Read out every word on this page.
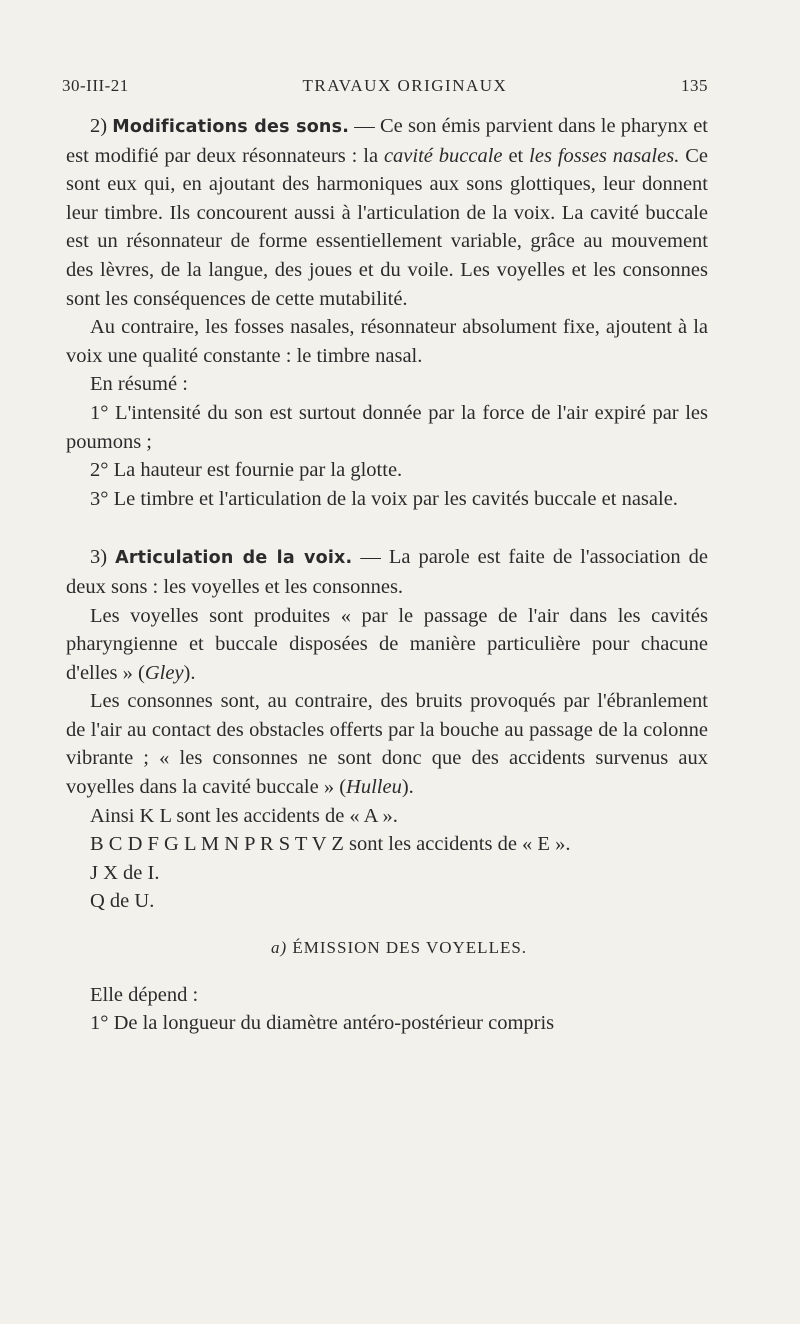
30-III-21	TRAVAUX ORIGINAUX	135

2) Modifications des sons. — Ce son émis parvient dans le pharynx et est modifié par deux résonnateurs : la cavité buccale et les fosses nasales. Ce sont eux qui, en ajoutant des harmoniques aux sons glottiques, leur donnent leur timbre. Ils concourent aussi à l'articulation de la voix. La cavité buccale est un résonnateur de forme essentiellement variable, grâce au mouvement des lèvres, de la langue, des joues et du voile. Les voyelles et les consonnes sont les conséquences de cette mutabilité.

Au contraire, les fosses nasales, résonnateur absolument fixe, ajoutent à la voix une qualité constante : le timbre nasal.

En résumé :

1° L'intensité du son est surtout donnée par la force de l'air expiré par les poumons ;

2° La hauteur est fournie par la glotte.

3° Le timbre et l'articulation de la voix par les cavités buccale et nasale.

3) Articulation de la voix. — La parole est faite de l'association de deux sons : les voyelles et les consonnes.

Les voyelles sont produites « par le passage de l'air dans les cavités pharyngienne et buccale disposées de manière particulière pour chacune d'elles » (Gley).

Les consonnes sont, au contraire, des bruits provoqués par l'ébranlement de l'air au contact des obstacles offerts par la bouche au passage de la colonne vibrante ; « les consonnes ne sont donc que des accidents survenus aux voyelles dans la cavité buccale » (Hulleu).

Ainsi K L sont les accidents de « A ».

B C D F G L M N P R S T V Z sont les accidents de « E ».

J X de I.

Q de U.

a) ÉMISSION DES VOYELLES.

Elle dépend :

1° De la longueur du diamètre antéro-postérieur compris
